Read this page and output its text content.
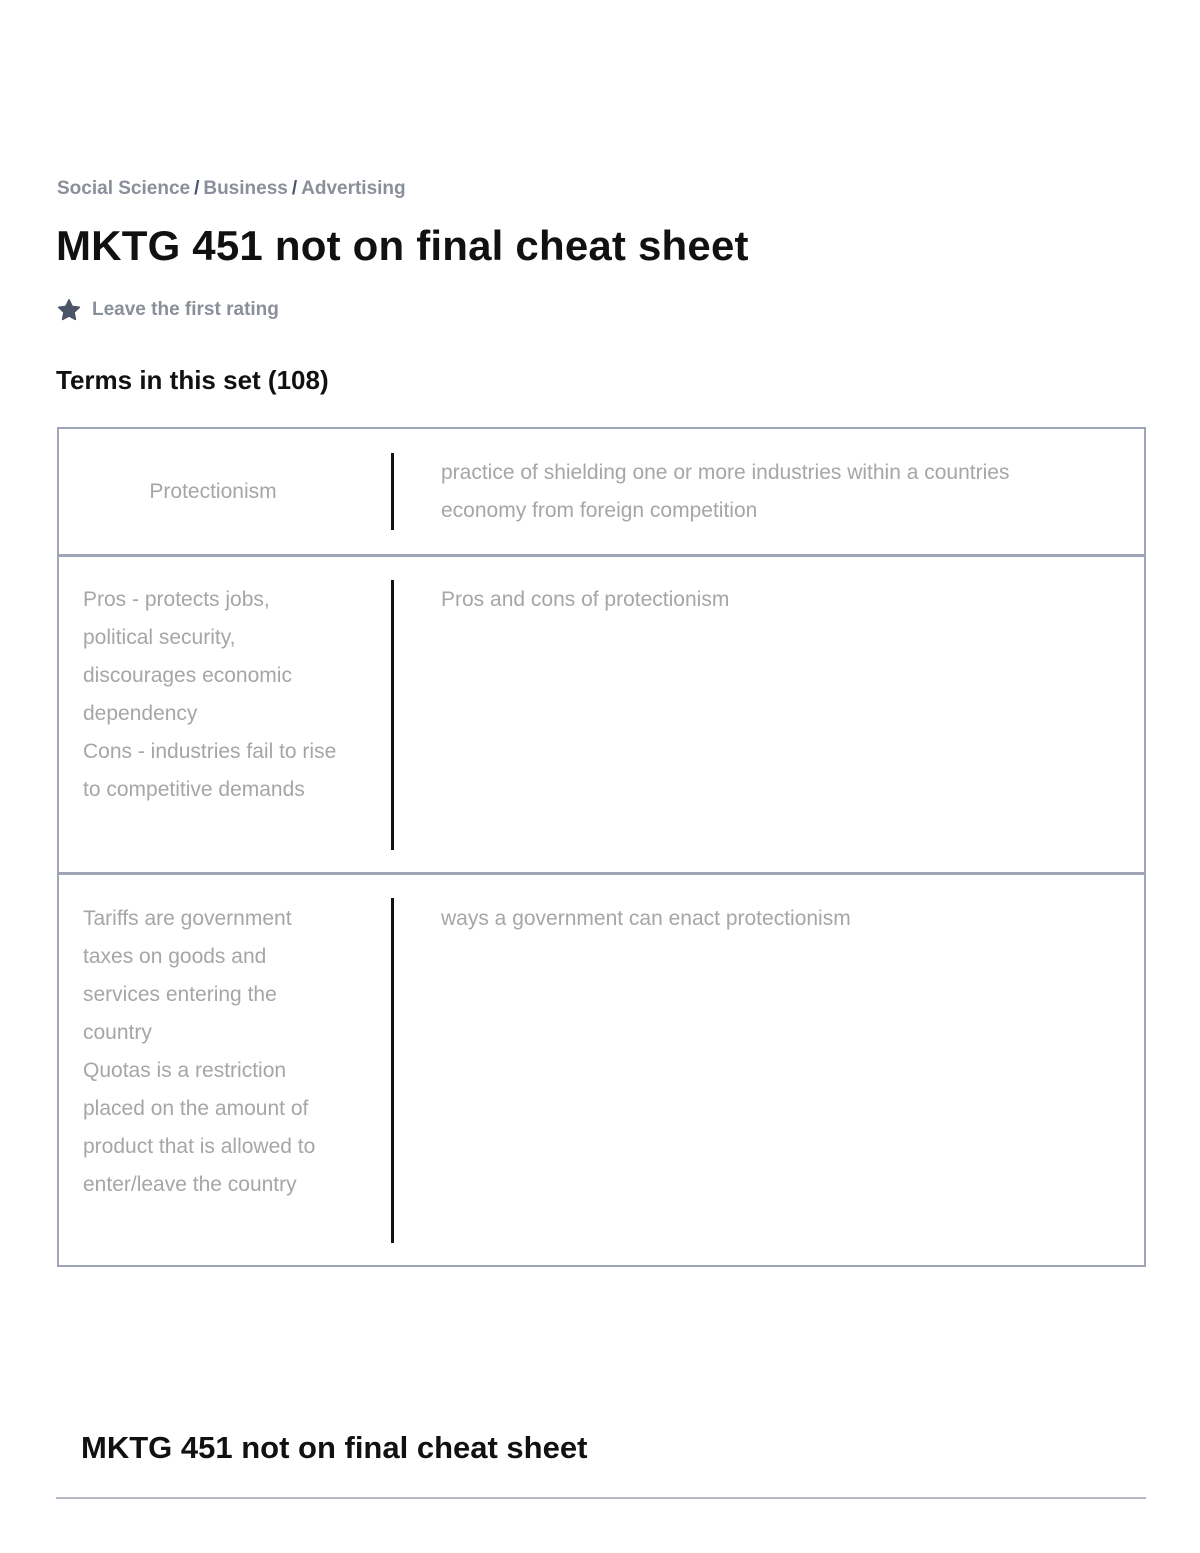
Social Science / Business / Advertising
MKTG 451 not on final cheat sheet
Leave the first rating
Terms in this set (108)
Protectionism
practice of shielding one or more industries within a countries economy from foreign competition
Pros - protects jobs, political security, discourages economic dependency
Cons - industries fail to rise to competitive demands
Pros and cons of protectionism
Tariffs are government taxes on goods and services entering the country
Quotas is a restriction placed on the amount of product that is allowed to enter/leave the country
ways a government can enact protectionism
MKTG 451 not on final cheat sheet
